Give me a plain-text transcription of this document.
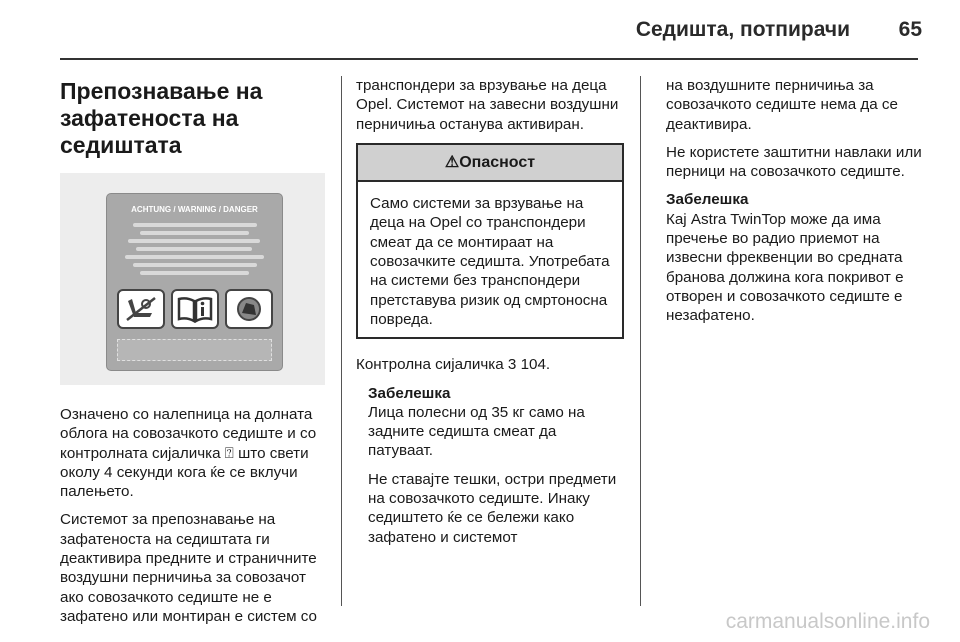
Седишта, потпирачи 65
Препознавање на
зафатеноста на
седиштата
ACHTUNG / WARNING / DANGER

Означено со налепница на долната облога на совозачкото седиште и со контролната сијаличка ⍰ што свети околу 4 секунди кога ќе се вклучи палењето.

Системот за препознавање на зафатеноста на седиштата ги деактивира предните и страничните воздушни перничиња за совозачот ако совозачкото седиште не е зафатено или монтиран е систем со

транспондери за врзување на деца Opel. Системот на завесни воздушни перничиња останува активиран.

⚠Опасност

Само системи за врзување на деца на Opel со транспондери смеат да се монтираат на совозачките седишта. Употребата на системи без транспондери претставува ризик од смртоносна повреда.

Контролна сијаличка 3 104.

Забелешка

Лица полесни од 35 кг само на задните седишта смеат да патуваат.

Не ставајте тешки, остри предмети на совозачкото седиште. Инаку седиштето ќе се бележи како зафатено и системот

на воздушните перничиња за совозачкото седиште нема да се деактивира.

Не користете заштитни навлаки или перници на совозачкото седиште.

Забелешка

Кај Astra TwinTop може да има пречење во радио приемот на извесни фреквенции во средната бранова должина кога покривот е отворен и совозачкото седиште е незафатено.

carmanualsonline.info
